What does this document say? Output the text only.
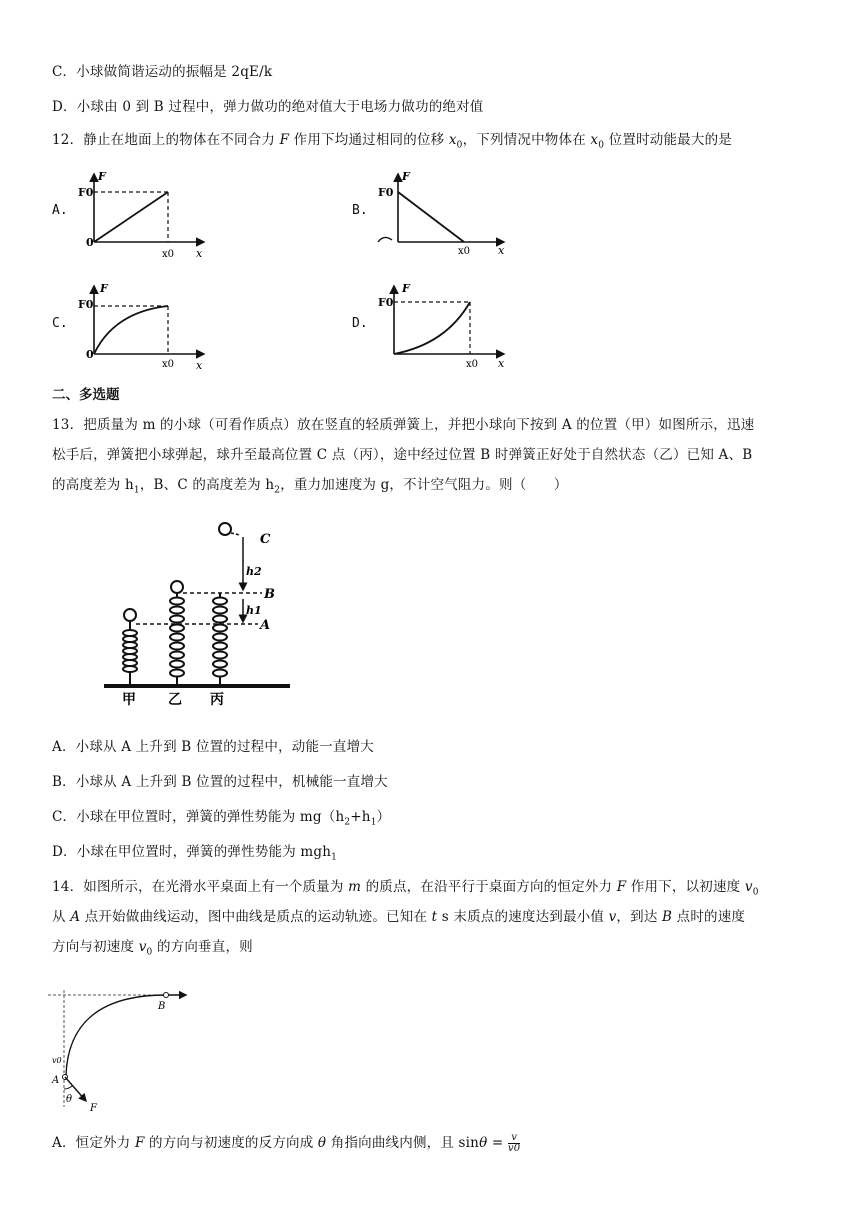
C．小球做简谐运动的振幅是 2qE/k
D．小球由 0 到 B 过程中，弹力做功的绝对值大于电场力做功的绝对值
12．静止在地面上的物体在不同合力 F 作用下均通过相同的位移 $x_0$，下列情况中物体在 $x_0$ 位置时动能最大的是
A.	B.
C.	D.
F
F0
0
x0 x
F
F0
x0	x
F
F0
0
x0 x
F
F0
x0 x
二、多选题
13．把质量为 m 的小球（可看作质点）放在竖直的轻质弹簧上，并把小球向下按到 A 的位置（甲）如图所示，迅速
松手后，弹簧把小球弹起，球升至最高位置 C 点（丙），途中经过位置 B 时弹簧正好处于自然状态（乙）已知 A、B
的高度差为 $h_1$，B、C 的高度差为 $h_2$，重力加速度为 g，不计空气阻力。则（　　）
C
h2
B
h1
A
甲 乙 丙
A．小球从 A 上升到 B 位置的过程中，动能一直增大
B．小球从 A 上升到 B 位置的过程中，机械能一直增大
C．小球在甲位置时，弹簧的弹性势能为 $mg(h_2+h_1)$
D．小球在甲位置时，弹簧的弹性势能为 mgh$_1$
14．如图所示，在光滑水平桌面上有一个质量为 m 的质点，在沿平行于桌面方向的恒定外力 F 作用下，以初速度 $v_0$
从 A 点开始做曲线运动，图中曲线是质点的运动轨迹。已知在 t s 末质点的速度达到最小值 v，到达 B 点时的速度
方向与初速度 $v_0$ 的方向垂直，则
B
A
v0
θ
F
A．恒定外力 F 的方向与初速度的反方向成 θ 角指向曲线内侧，且 $\sin\theta = \frac{v}{v0}$
